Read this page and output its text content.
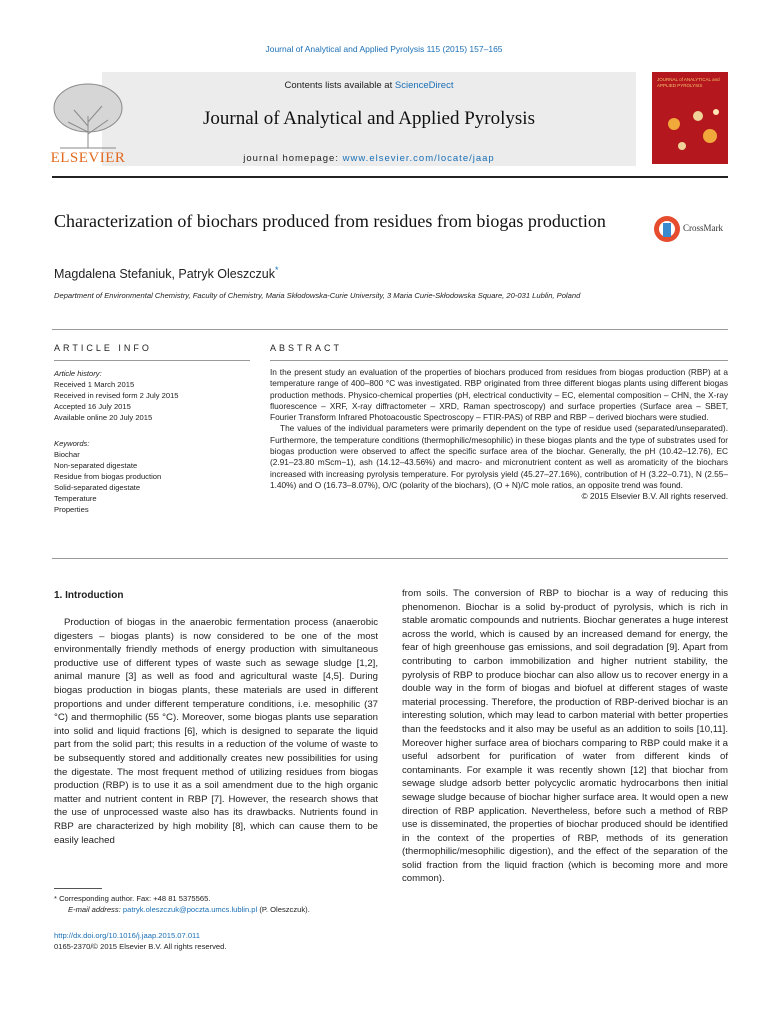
Journal of Analytical and Applied Pyrolysis 115 (2015) 157–165
Contents lists available at ScienceDirect
Journal of Analytical and Applied Pyrolysis
journal homepage: www.elsevier.com/locate/jaap
ELSEVIER
JOURNAL of ANALYTICAL and APPLIED PYROLYSIS
Characterization of biochars produced from residues from biogas production	CrossMark
Magdalena Stefaniuk, Patryk Oleszczuk*
Department of Environmental Chemistry, Faculty of Chemistry, Maria Skłodowska-Curie University, 3 Maria Curie-Skłodowska Square, 20-031 Lublin, Poland
ARTICLE INFO	ABSTRACT
Article history:
Received 1 March 2015
Received in revised form 2 July 2015
Accepted 16 July 2015
Available online 20 July 2015
Keywords:
Biochar
Non-separated digestate
Residue from biogas production
Solid-separated digestate
Temperature
Properties

In the present study an evaluation of the properties of biochars produced from residues from biogas production (RBP) at a temperature range of 400–800 °C was investigated. RBP originated from three different biogas plants using different biogas production methods. Physico-chemical properties (pH, electrical conductivity – EC, elemental composition – CHN, the X-ray fluorescence – XRF, X-ray diffractometer – XRD, Raman spectroscopy) and surface properties (Surface area – SBET, Fourier Transform Infrared Photoacoustic Spectroscopy – FTIR-PAS) of RBP and RBP – derived biochars were studied.

The values of the individual parameters were primarily dependent on the type of residue used (separated/unseparated). Furthermore, the temperature conditions (thermophilic/mesophilic) in these biogas plants and the type of substrates used for biogas production were observed to affect the specific surface area of the biochar. Generally, the pH (10.42–12.76), EC (2.91–23.80 mScm−1), ash (14.12–43.56%) and macro- and micronutrient content as well as aromaticity of the biochars increased with increasing pyrolysis temperature. For pyrolysis yield (45.27–27.16%), contribution of H (3.22–0.71), N (2.55–1.40%) and O (16.73–8.07%), O/C (polarity of the biochars), (O + N)/C mole ratios, an opposite trend was found.

© 2015 Elsevier B.V. All rights reserved.

1. Introduction

Production of biogas in the anaerobic fermentation process (anaerobic digesters – biogas plants) is now considered to be one of the most environmentally friendly methods of energy production with simultaneous productive use of different types of waste such as sewage sludge [1,2], animal manure [3] as well as food and agricultural waste [4,5]. During biogas production in biogas plants, these materials are used in different proportions and under different temperature conditions, i.e. mesophilic (37 °C) and thermophilic (55 °C). Moreover, some biogas plants use separation into solid and liquid fractions [6], which is designed to separate the liquid part from the solid part; this results in a reduction of the volume of waste to be subsequently stored and additionally creates new possibilities for using the digestate. The most frequent method of utilizing residues from biogas production (RBP) is to use it as a soil amendment due to the high organic matter and nutrient content in RBP [7]. However, the research shows that the use of unprocessed waste also has its drawbacks. Nutrients found in RBP are characterized by high mobility [8], which can cause them to be easily leached

from soils. The conversion of RBP to biochar is a way of reducing this phenomenon. Biochar is a solid by-product of pyrolysis, which is rich in stable aromatic compounds and nutrients. Biochar generates a huge interest across the world, which is caused by an increased demand for energy, the fear of high greenhouse gas emissions, and soil degradation [9]. Apart from contributing to carbon immobilization and higher nutrient stability, the pyrolysis of RBP to produce biochar can also allow us to recover energy in a double way in the form of biogas and biofuel at different stages of waste material processing. Therefore, the production of RBP-derived biochar is an interesting solution, which may lead to carbon material with better properties than the feedstocks and it also may be useful as an addition to soils [10,11]. Moreover higher surface area of biochars comparing to RBP could make it a useful adsorbent for purification of water from different kinds of contaminants. For example it was recently shown [12] that biochar from sewage sludge adsorb better polycyclic aromatic hydrocarbons then initial sewage sludge because of biochar higher surface area. It would open a new direction of RBP application. Nevertheless, before such a method of RBP use is disseminated, the properties of biochar produced should be identified in the context of the properties of RBP, methods of its generation (thermophilic/mesophilic digestion), and the effect of the separation of the solid fraction from the liquid fraction (which is becoming more and more common).

* Corresponding author. Fax: +48 81 5375565.
E-mail address: patryk.oleszczuk@poczta.umcs.lublin.pl (P. Oleszczuk).
http://dx.doi.org/10.1016/j.jaap.2015.07.011
0165-2370/© 2015 Elsevier B.V. All rights reserved.
